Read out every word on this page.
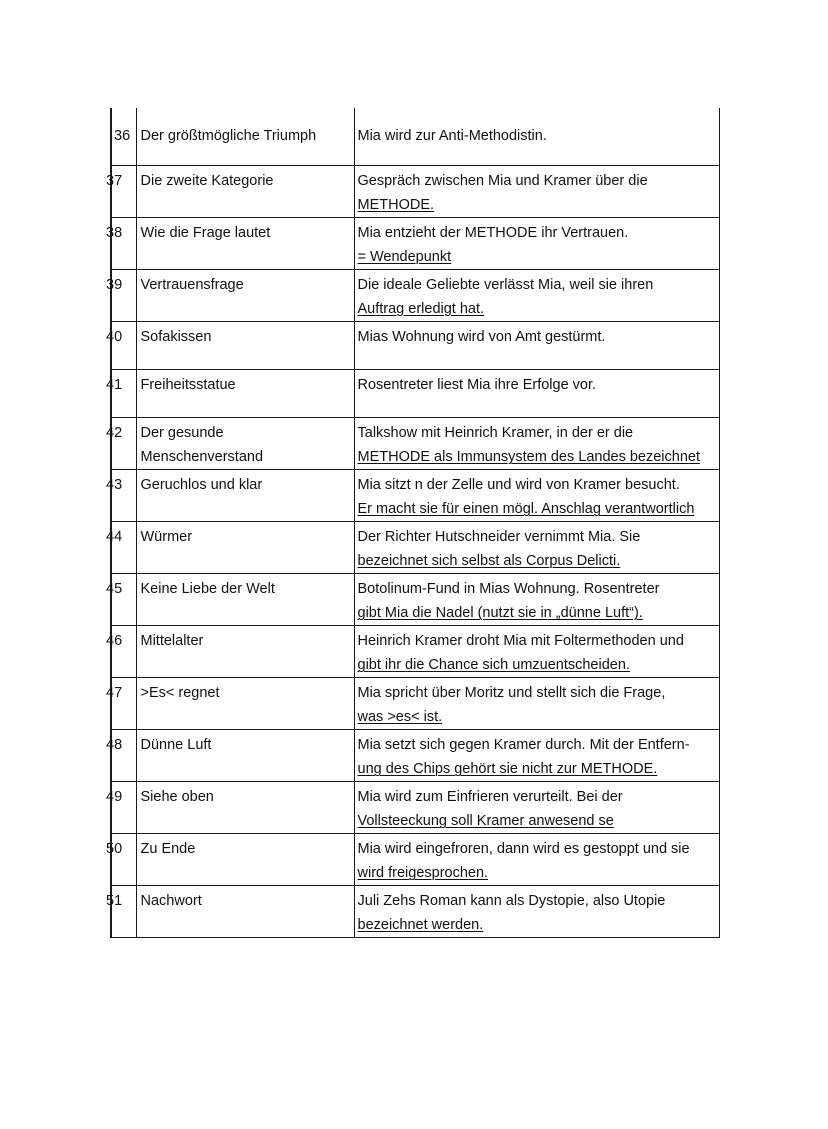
36	Der größtmögliche Triumph	Mia wird zur Anti-Methodistin.

37	Die zweite Kategorie	Gespräch zwischen Mia und Kramer über die
METHODE.

38	Wie die Frage lautet	Mia entzieht der METHODE ihr Vertrauen.
= Wendepunkt

39	Vertrauensfrage	Die ideale Geliebte verlässt Mia, weil sie ihren
Auftrag erledigt hat.

40	Sofakissen	Mias Wohnung wird von Amt gestürmt.

41	Freiheitsstatue	Rosentreter liest Mia ihre Erfolge vor.

42	Der gesunde
Menschenverstand	Talkshow mit Heinrich Kramer, in der er die
METHODE als Immunsystem des Landes bezeichnet

43	Geruchlos und klar	Mia sitzt n der Zelle und wird von Kramer besucht.
Er macht sie für einen mögl. Anschlag verantwortlich

44	Würmer	Der Richter Hutschneider vernimmt Mia. Sie
bezeichnet sich selbst als Corpus Delicti.

45	Keine Liebe der Welt	Botolinum-Fund in Mias Wohnung. Rosentreter
gibt Mia die Nadel (nutzt sie in „dünne Luft“).

46	Mittelalter	Heinrich Kramer droht Mia mit Foltermethoden und
gibt ihr die Chance sich umzuentscheiden.

47	>Es< regnet	Mia spricht über Moritz und stellt sich die Frage,
was >es< ist.

48	Dünne Luft	Mia setzt sich gegen Kramer durch. Mit der Entfern-
ung des Chips gehört sie nicht zur METHODE.

49	Siehe oben	Mia wird zum Einfrieren verurteilt. Bei der
Vollsteeckung soll Kramer anwesend se

50	Zu Ende	Mia wird eingefroren, dann wird es gestoppt und sie
wird freigesprochen.

51	Nachwort	Juli Zehs Roman kann als Dystopie, also Utopie
bezeichnet werden.
